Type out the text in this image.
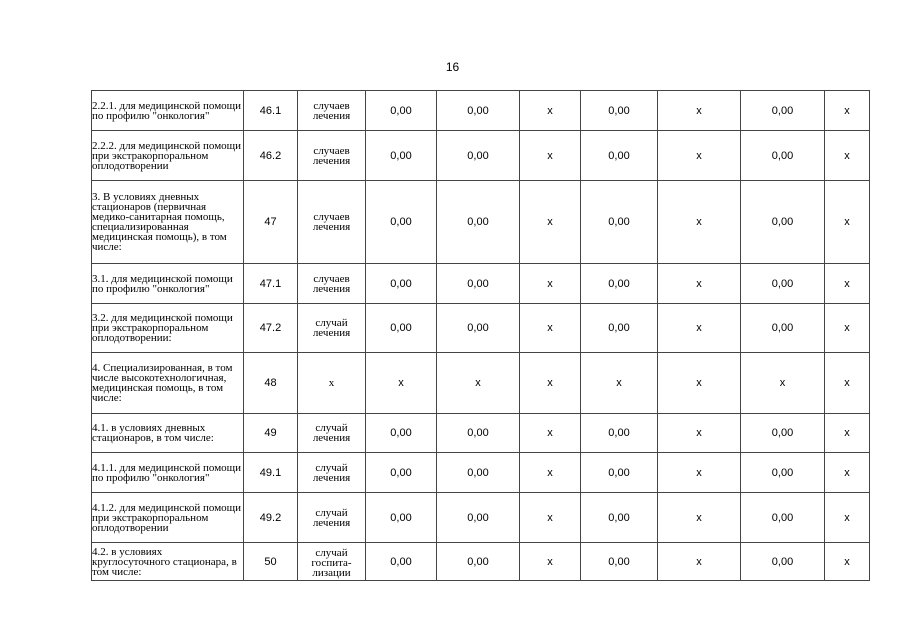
16
2.2.1. для медицинской помощи по профилю "онкология"	46.1	случаев лечения	0,00	0,00	х	0,00	х	0,00	х
2.2.2. для медицинской помощи при экстракорпоральном оплодотворении	46.2	случаев лечения	0,00	0,00	х	0,00	х	0,00	х
3. В условиях дневных стационаров (первичная медико-санитарная помощь, специализированная медицинская помощь), в том числе:	47	случаев лечения	0,00	0,00	х	0,00	х	0,00	х
3.1. для медицинской помощи по профилю "онкология"	47.1	случаев лечения	0,00	0,00	х	0,00	х	0,00	х
3.2. для медицинской помощи при экстракорпоральном оплодотворении:	47.2	случай лечения	0,00	0,00	х	0,00	х	0,00	х
4. Специализированная, в том числе высокотехнологичная, медицинская помощь, в том числе:	48	х	х	х	х	х	х	х	х
4.1. в условиях дневных стационаров, в том числе:	49	случай лечения	0,00	0,00	х	0,00	х	0,00	х
4.1.1. для медицинской помощи по профилю "онкология"	49.1	случай лечения	0,00	0,00	х	0,00	х	0,00	х
4.1.2. для медицинской помощи при экстракорпоральном оплодотворении	49.2	случай лечения	0,00	0,00	х	0,00	х	0,00	х
4.2. в условиях круглосуточного стационара, в том числе:	50	случай госпита-лизации	0,00	0,00	х	0,00	х	0,00	х
